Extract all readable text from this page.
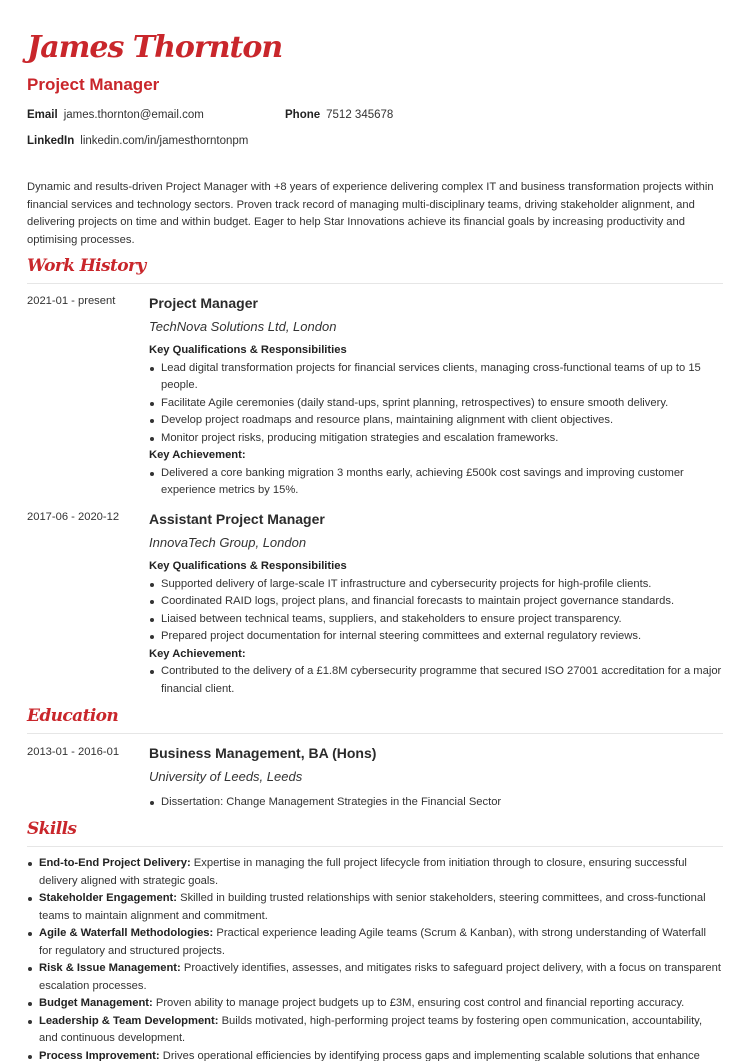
James Thornton
Project Manager
Email james.thornton@email.com	Phone 7512 345678
LinkedIn linkedin.com/in/jamesthorntonpm
Dynamic and results-driven Project Manager with +8 years of experience delivering complex IT and business transformation projects within financial services and technology sectors. Proven track record of managing multi-disciplinary teams, driving stakeholder alignment, and delivering projects on time and within budget. Eager to help Star Innovations achieve its financial goals by increasing productivity and optimising processes.
Work History
2021-01 - present Project Manager
TechNova Solutions Ltd, London
Key Qualifications & Responsibilities
Lead digital transformation projects for financial services clients, managing cross-functional teams of up to 15 people.
Facilitate Agile ceremonies (daily stand-ups, sprint planning, retrospectives) to ensure smooth delivery.
Develop project roadmaps and resource plans, maintaining alignment with client objectives.
Monitor project risks, producing mitigation strategies and escalation frameworks.
Key Achievement:
Delivered a core banking migration 3 months early, achieving £500k cost savings and improving customer experience metrics by 15%.
2017-06 - 2020-12 Assistant Project Manager
InnovaTech Group, London
Key Qualifications & Responsibilities
Supported delivery of large-scale IT infrastructure and cybersecurity projects for high-profile clients.
Coordinated RAID logs, project plans, and financial forecasts to maintain project governance standards.
Liaised between technical teams, suppliers, and stakeholders to ensure project transparency.
Prepared project documentation for internal steering committees and external regulatory reviews.
Key Achievement:
Contributed to the delivery of a £1.8M cybersecurity programme that secured ISO 27001 accreditation for a major financial client.
Education
2013-01 - 2016-01 Business Management, BA (Hons)
University of Leeds, Leeds
Dissertation: Change Management Strategies in the Financial Sector
Skills
End-to-End Project Delivery: Expertise in managing the full project lifecycle from initiation through to closure, ensuring successful delivery aligned with strategic goals.
Stakeholder Engagement: Skilled in building trusted relationships with senior stakeholders, steering committees, and cross-functional teams to maintain alignment and commitment.
Agile & Waterfall Methodologies: Practical experience leading Agile teams (Scrum & Kanban), with strong understanding of Waterfall for regulatory and structured projects.
Risk & Issue Management: Proactively identifies, assesses, and mitigates risks to safeguard project delivery, with a focus on transparent escalation processes.
Budget Management: Proven ability to manage project budgets up to £3M, ensuring cost control and financial reporting accuracy.
Leadership & Team Development: Builds motivated, high-performing project teams by fostering open communication, accountability, and continuous development.
Process Improvement: Drives operational efficiencies by identifying process gaps and implementing scalable solutions that enhance
